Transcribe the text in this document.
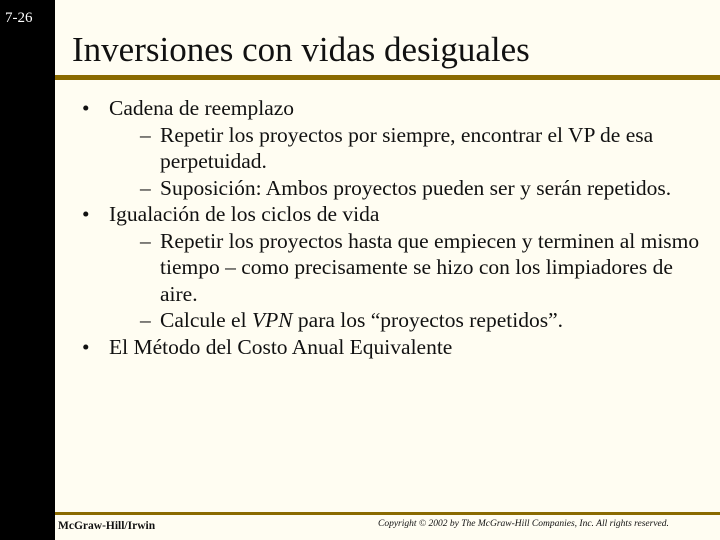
7-26
Inversiones con vidas desiguales
• Cadena de reemplazo
– Repetir los proyectos por siempre, encontrar el VP de esa perpetuidad.
– Suposición: Ambos proyectos pueden ser y serán repetidos.
• Igualación de los ciclos de vida
– Repetir los proyectos hasta que empiecen y terminen al mismo tiempo – como precisamente se hizo con los limpiadores de aire.
– Calcule el VPN para los “proyectos repetidos”.
• El Método del Costo Anual Equivalente
McGraw-Hill/Irwin	Copyright © 2002 by The McGraw-Hill Companies, Inc. All rights reserved.
